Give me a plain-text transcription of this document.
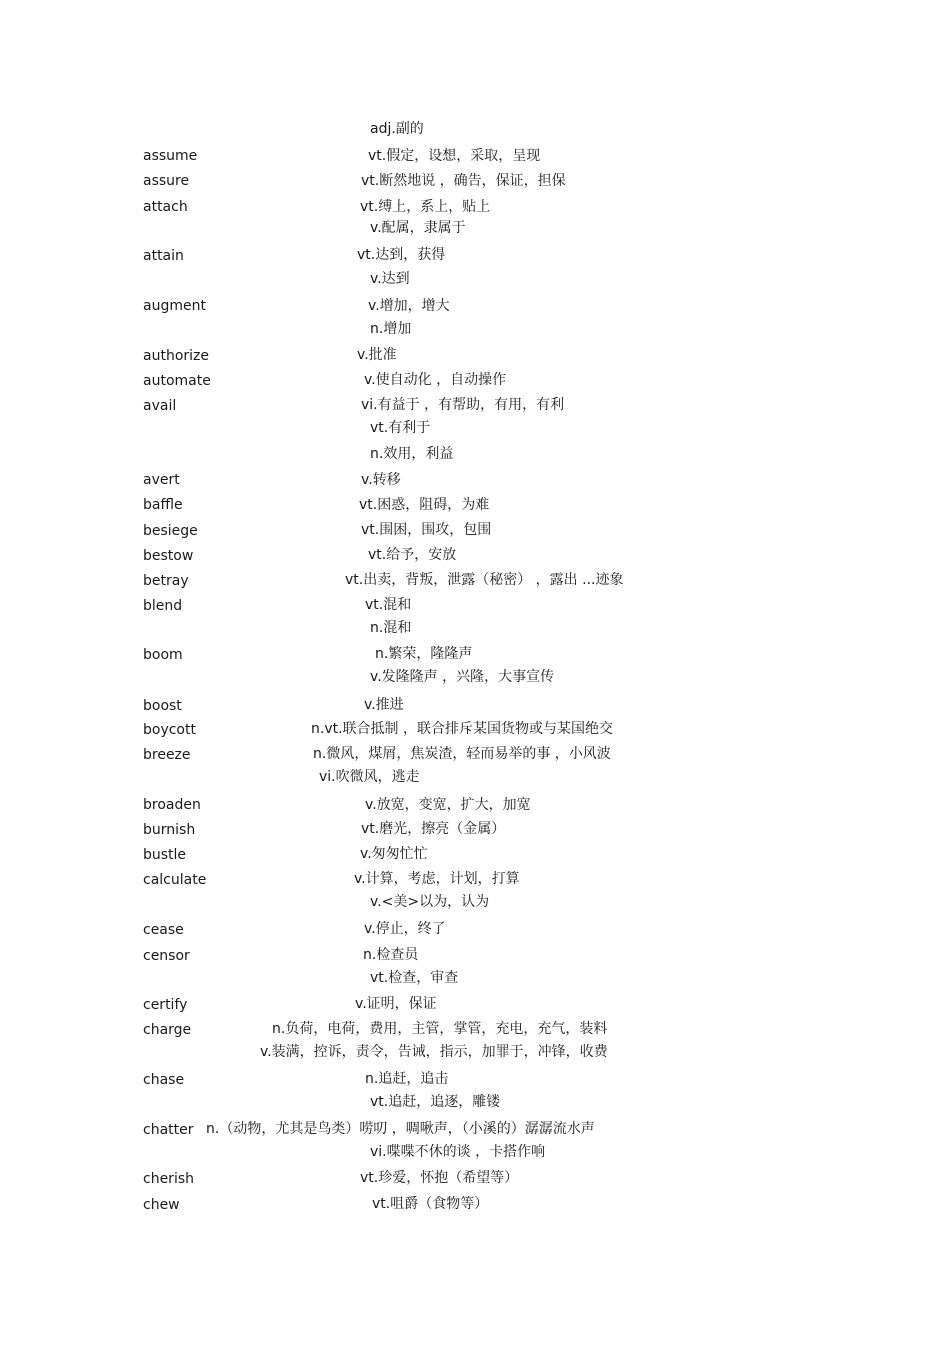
adj.副的
assume	vt.假定，设想，采取，呈现
assure	vt.断然地说 ，确告，保证，担保
attach	vt.缚上，系上，贴上
v.配属，隶属于
attain	vt.达到，获得
v.达到
augment	v.增加，增大
n.增加
authorize	v.批准
automate	v.使自动化 ，自动操作
avail	vi.有益于 ，有帮助，有用，有利
vt.有利于
n.效用，利益
avert	v.转移
baffle	vt.困惑，阻碍，为难
besiege	vt.围困，围攻，包围
bestow	vt.给予，安放
betray	vt.出卖，背叛，泄露（秘密） ，露出 ...迹象
blend	vt.混和
n.混和
boom	n.繁荣，隆隆声
v.发隆隆声 ，兴隆，大事宣传
boost	v.推进
boycott	n.vt.联合抵制 ，联合排斥某国货物或与某国绝交
breeze	n.微风，煤屑，焦炭渣，轻而易举的事 ，小风波
vi.吹微风，逃走
broaden	v.放宽，变宽，扩大，加宽
burnish	vt.磨光，擦亮（金属）
bustle	v.匆匆忙忙
calculate	v.计算，考虑，计划，打算
v.<美>以为，认为
cease	v.停止，终了
censor	n.检查员
vt.检查，审查
certify	v.证明，保证
charge	n.负荷，电荷，费用，主管，掌管，充电，充气，装料
v.装满，控诉，责令，告诫，指示，加罪于，冲锋，收费
chase	n.追赶，追击
vt.追赶，追逐，雕镂
chatter n.（动物，尤其是鸟类）唠叨 ，啁啾声，（小溪的）潺潺流水声
vi.喋喋不休的谈 ，卡搭作响
cherish	vt.珍爱，怀抱（希望等）
chew	vt.咀爵（食物等）
